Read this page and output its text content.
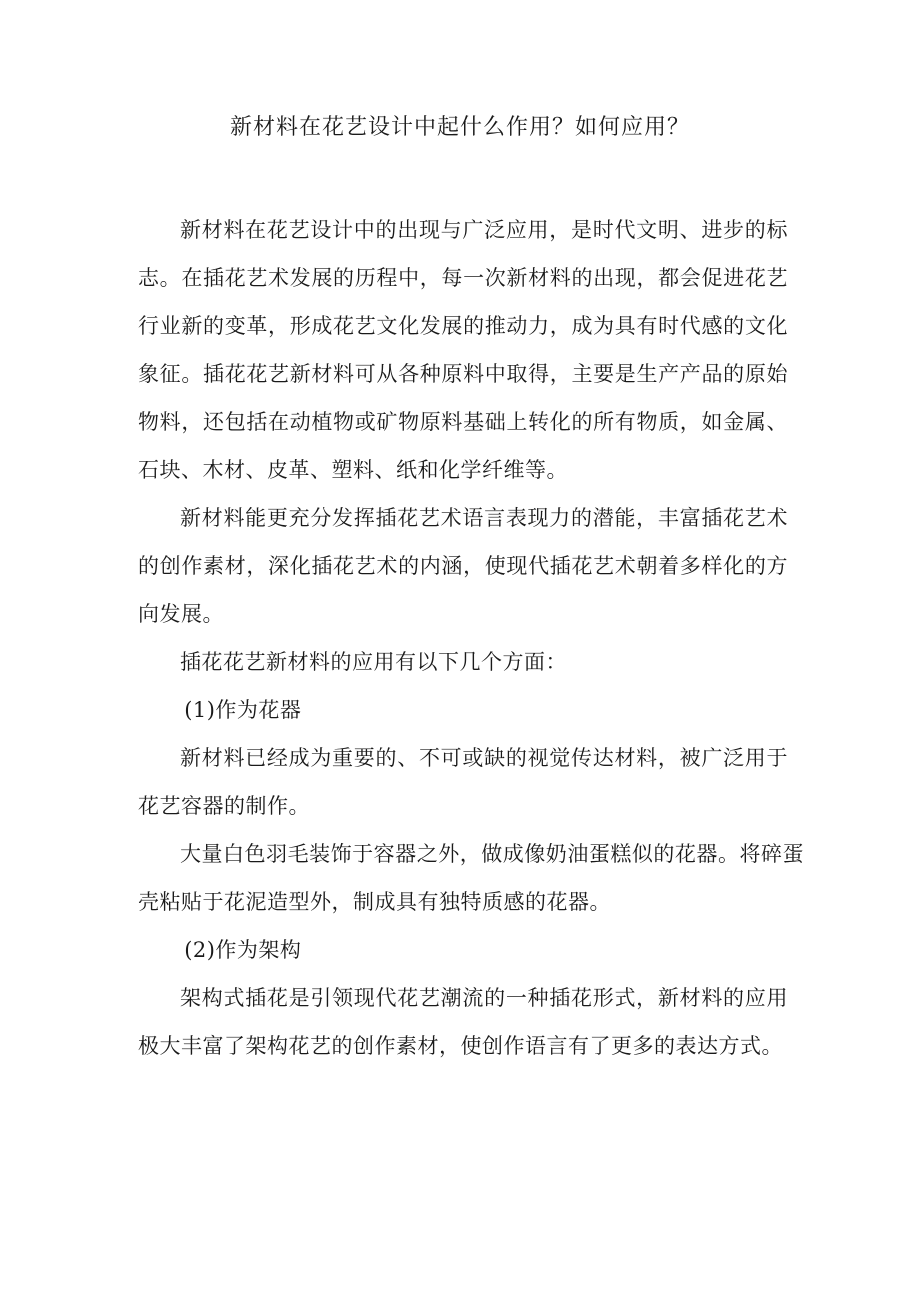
新材料在花艺设计中起什么作用？如何应用？

新材料在花艺设计中的出现与广泛应用，是时代文明、进步的标志。在插花艺术发展的历程中，每一次新材料的出现，都会促进花艺行业新的变革，形成花艺文化发展的推动力，成为具有时代感的文化象征。插花花艺新材料可从各种原料中取得，主要是生产产品的原始物料，还包括在动植物或矿物原料基础上转化的所有物质，如金属、石块、木材、皮革、塑料、纸和化学纤维等。

新材料能更充分发挥插花艺术语言表现力的潜能，丰富插花艺术的创作素材，深化插花艺术的内涵，使现代插花艺术朝着多样化的方向发展。

插花花艺新材料的应用有以下几个方面：

(1)作为花器

新材料已经成为重要的、不可或缺的视觉传达材料，被广泛用于花艺容器的制作。

大量白色羽毛装饰于容器之外，做成像奶油蛋糕似的花器。将碎蛋壳粘贴于花泥造型外，制成具有独特质感的花器。

(2)作为架构

架构式插花是引领现代花艺潮流的一种插花形式，新材料的应用极大丰富了架构花艺的创作素材，使创作语言有了更多的表达方式。
